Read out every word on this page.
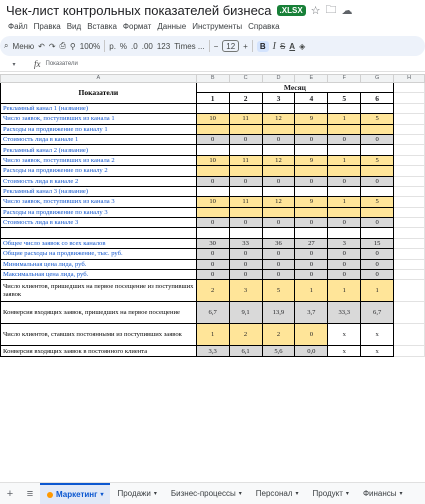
Чек-лист контрольных показателей бизнеса	.XLSX ☆ 🗀 ☁
Файл Правка Вид Вставка Формат Данные Инструменты Справка
⌕ Меню ↶ ↷ ⎙ ⚲ 100% р. % .0 .00 123 Times ... −	12	+	B I S A ◈
▾	fx Показатели
A	B	C	D	E	F	G	H
Показатели	Месяц						
	1	2	3	4	5	6	
Рекламный канал 1 (название)							
Число заявок, поступивших из канала 1	10	11	12	9	1	5	
Расходы на продвижение по каналу 1							
Стоимость лида в канале 1	0	0	0	0	0	0	
Рекламный канал 2 (название)							
Число заявок, поступивших из канала 2	10	11	12	9	1	5	
Расходы на продвижение по каналу 2							
Стоимость лида в канале 2	0	0	0	0	0	0	
Рекламный канал 3 (название)							
Число заявок, поступивших из канала 3	10	11	12	9	1	5	
Расходы на продвижение по каналу 3							
Стоимость лида в канале 3	0	0	0	0	0	0	

Общее число заявок со всех каналов	30	33	36	27	3	15	
Общие расходы на продвижение, тыс. руб.	0	0	0	0	0	0	
Минимальная цена лида, руб.	0	0	0	0	0	0	
Максимальная цена лида, руб.	0	0	0	0	0	0	
Число клиентов, пришедших на первое посещение из поступивших заявок	2	3	5	1	1	1	
Конверсия входящих заявок, пришедших на первое посещение	6,7	9,1	13,9	3,7	33,3	6,7	
Число клиентов, ставших постоянными из поступивших заявок	1	2	2	0	x	x	
Конверсия входящих заявок в постоянного клиента	3,3	6,1	5,6	0,0	x	x	
+	≡	Маркетинг ▾ Продажи ▾ Бизнес-процессы ▾ Персонал ▾ Продукт ▾ Финансы ▾
